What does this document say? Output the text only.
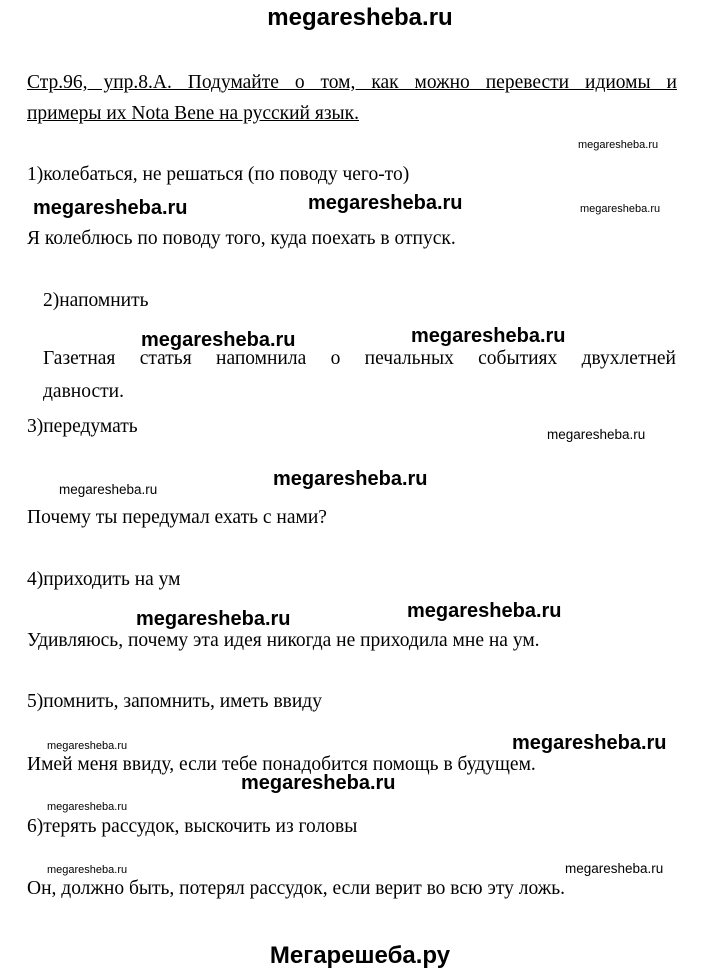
megaresheba.ru
Стр.96, упр.8.А. Подумайте о том, как можно перевести идиомы и
примеры их Nota Bene на русский язык.
1)колебаться, не решаться (по поводу чего-то)
Я колеблюсь по поводу того, куда поехать в отпуск.
2)напомнить
Газетная статья напомнила о печальных событиях двухлетней
давности.
3)передумать
Почему ты передумал ехать с нами?
4)приходить на ум
Удивляюсь, почему эта идея никогда не приходила мне на ум.
5)помнить, запомнить, иметь ввиду
Имей меня ввиду, если тебе понадобится помощь в будущем.
6)терять рассудок, выскочить из головы
Он, должно быть, потерял рассудок, если верит во всю эту ложь.
megaresheba.ru
megaresheba.ru	megaresheba.ru	megaresheba.ru
megaresheba.ru	megaresheba.ru
megaresheba.ru
megaresheba.ru
megaresheba.ru
megaresheba.ru	megaresheba.ru
megaresheba.ru	megaresheba.ru
megaresheba.ru
megaresheba.ru
megaresheba.ru	megaresheba.ru
Мегарешеба.ру
